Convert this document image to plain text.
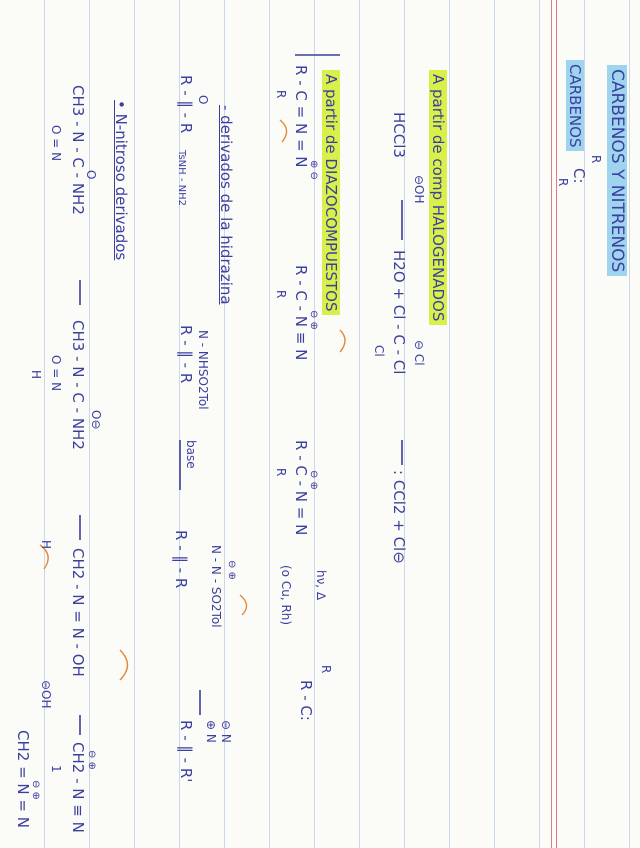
CARBENOS Y NITRENOS
CARBENOS
R
R C:
A partir de comp HALOGENADOS
HCCl3
⊖OH
H2O + Cl - C - Cl ⊖ Cl
Cl
: CCl2 + Cl⊖
A partir de DIAZOCOMPUESTOS
R - C = N = N
⊕ ⊖
R
R - C - N ≡ N
⊖ ⊕
R
R - C - N = N
⊖ ⊕
R
hν, ∆
(o Cu, Rh)
R - C:
R
- derivados de la hidrazina
O
R - ‖ - R
TsNH - NH2
N - NHSO2Tol
R - ‖ - R
base
N - N - SO2Tol ⊖ ⊕
R - ‖ - R
⊖ N
⊕ N
R - ‖ - R'
• N-nitroso derivados
CH3 - N - C - NH2
O
O = N
CH3 - N - C - NH2 O⊖
O = N
H
CH2 - N = N - OH
H
⊖OH
CH2 - N ≡ N ⊖ ⊕
1
CH2 = N = N
⊖ ⊕
